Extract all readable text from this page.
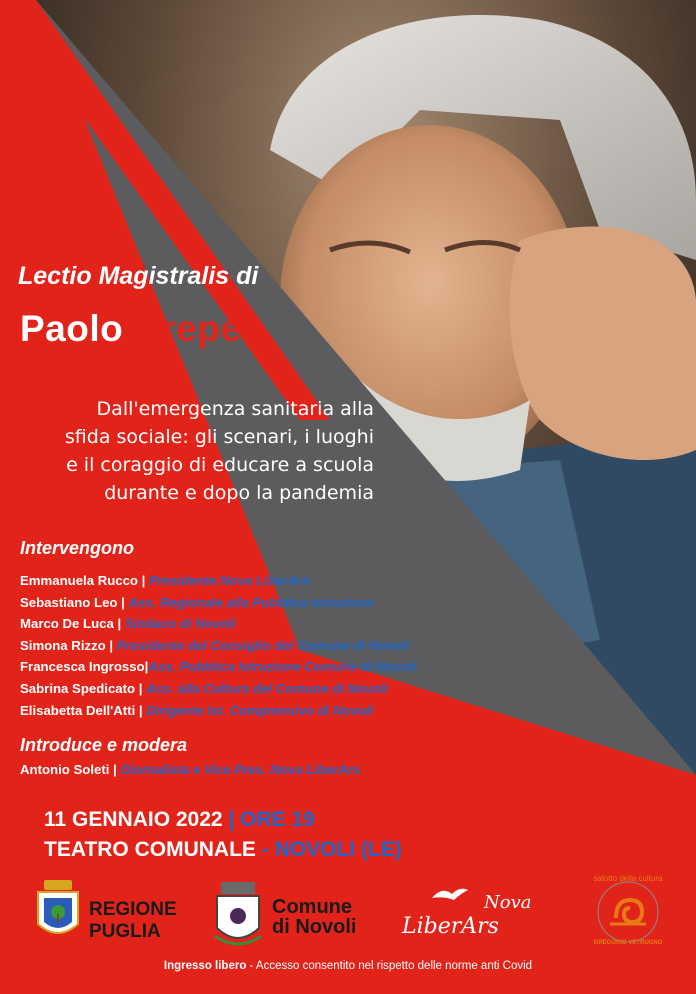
Lectio Magistralis di
Paolo Crepet
Dall'emergenza sanitaria alla
sfida sociale: gli scenari, i luoghi
e il coraggio di educare a scuola
durante e dopo la pandemia
Intervengono
Emmanuela Rucco | Presidente Nova LiberArs
Sebastiano Leo | Ass. Regionale alla Pubblica Istruzione
Marco De Luca | Sindaco di Novoli
Simona Rizzo | Presidente del Consiglio del Comune di Novoli
Francesca Ingrosso|Ass. Pubblica Istruzione Comune di Novoli
Sabrina Spedicato | Ass. alla Cultura del Comune di Novoli
Elisabetta Dell'Atti | Dirigente Ist. Comprensivo di Novoli
Introduce e modera
Antonio Soleti | Giornalista e Vice Pres. Nova LiberArs
11 GENNAIO 2022 | ORE 19
TEATRO COMUNALE - NOVOLI (LE)
REGIONE
PUGLIA
Comune
di Novoli
Nova
LiberArs
salotto della cultura
GREGORIO VETRUGNO
Ingresso libero - Accesso consentito nel rispetto delle norme anti Covid
